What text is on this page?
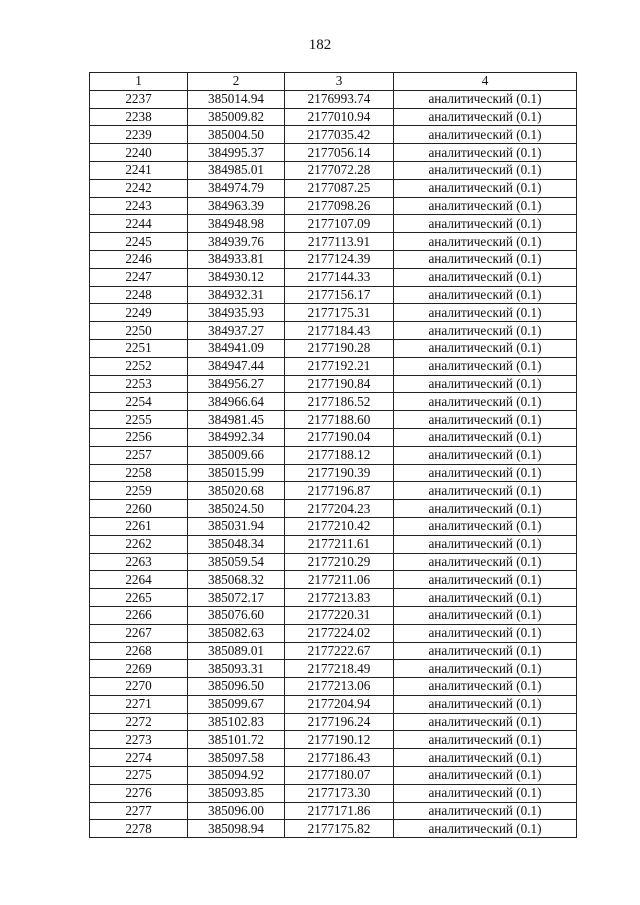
182
1	2	3	4
2237	385014.94	2176993.74	аналитический (0.1)
2238	385009.82	2177010.94	аналитический (0.1)
2239	385004.50	2177035.42	аналитический (0.1)
2240	384995.37	2177056.14	аналитический (0.1)
2241	384985.01	2177072.28	аналитический (0.1)
2242	384974.79	2177087.25	аналитический (0.1)
2243	384963.39	2177098.26	аналитический (0.1)
2244	384948.98	2177107.09	аналитический (0.1)
2245	384939.76	2177113.91	аналитический (0.1)
2246	384933.81	2177124.39	аналитический (0.1)
2247	384930.12	2177144.33	аналитический (0.1)
2248	384932.31	2177156.17	аналитический (0.1)
2249	384935.93	2177175.31	аналитический (0.1)
2250	384937.27	2177184.43	аналитический (0.1)
2251	384941.09	2177190.28	аналитический (0.1)
2252	384947.44	2177192.21	аналитический (0.1)
2253	384956.27	2177190.84	аналитический (0.1)
2254	384966.64	2177186.52	аналитический (0.1)
2255	384981.45	2177188.60	аналитический (0.1)
2256	384992.34	2177190.04	аналитический (0.1)
2257	385009.66	2177188.12	аналитический (0.1)
2258	385015.99	2177190.39	аналитический (0.1)
2259	385020.68	2177196.87	аналитический (0.1)
2260	385024.50	2177204.23	аналитический (0.1)
2261	385031.94	2177210.42	аналитический (0.1)
2262	385048.34	2177211.61	аналитический (0.1)
2263	385059.54	2177210.29	аналитический (0.1)
2264	385068.32	2177211.06	аналитический (0.1)
2265	385072.17	2177213.83	аналитический (0.1)
2266	385076.60	2177220.31	аналитический (0.1)
2267	385082.63	2177224.02	аналитический (0.1)
2268	385089.01	2177222.67	аналитический (0.1)
2269	385093.31	2177218.49	аналитический (0.1)
2270	385096.50	2177213.06	аналитический (0.1)
2271	385099.67	2177204.94	аналитический (0.1)
2272	385102.83	2177196.24	аналитический (0.1)
2273	385101.72	2177190.12	аналитический (0.1)
2274	385097.58	2177186.43	аналитический (0.1)
2275	385094.92	2177180.07	аналитический (0.1)
2276	385093.85	2177173.30	аналитический (0.1)
2277	385096.00	2177171.86	аналитический (0.1)
2278	385098.94	2177175.82	аналитический (0.1)
